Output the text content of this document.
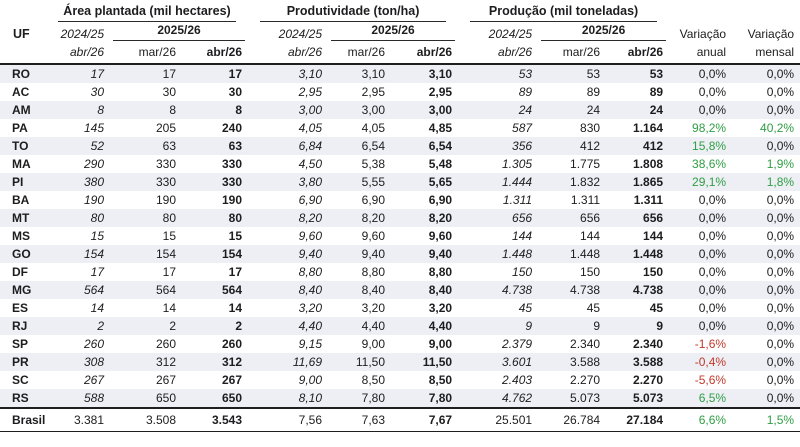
	Área plantada (mil hectares)			Produtividade (ton/ha)			Produção (mil toneladas)				

UF	2024/25	2025/26		2024/25	2025/26		2024/25	2025/26		Variação	Variação
	abr/26	mar/26	abr/26	abr/26	mar/26	abr/26	abr/26	mar/26	abr/26	anual	mensal
RO	17	17	17	3,10	3,10	3,10	53	53	53	0,0%	0,0%
AC	30	30	30	2,95	2,95	2,95	89	89	89	0,0%	0,0%
AM	8	8	8	3,00	3,00	3,00	24	24	24	0,0%	0,0%
PA	145	205	240	4,05	4,05	4,85	587	830	1.164	98,2%	40,2%
TO	52	63	63	6,84	6,54	6,54	356	412	412	15,8%	0,0%
MA	290	330	330	4,50	5,38	5,48	1.305	1.775	1.808	38,6%	1,9%
PI	380	330	330	3,80	5,55	5,65	1.444	1.832	1.865	29,1%	1,8%
BA	190	190	190	6,90	6,90	6,90	1.311	1.311	1.311	0,0%	0,0%
MT	80	80	80	8,20	8,20	8,20	656	656	656	0,0%	0,0%
MS	15	15	15	9,60	9,60	9,60	144	144	144	0,0%	0,0%
GO	154	154	154	9,40	9,40	9,40	1.448	1.448	1.448	0,0%	0,0%
DF	17	17	17	8,80	8,80	8,80	150	150	150	0,0%	0,0%
MG	564	564	564	8,40	8,40	8,40	4.738	4.738	4.738	0,0%	0,0%
ES	14	14	14	3,20	3,20	3,20	45	45	45	0,0%	0,0%
RJ	2	2	2	4,40	4,40	4,40	9	9	9	0,0%	0,0%
SP	260	260	260	9,15	9,00	9,00	2.379	2.340	2.340	-1,6%	0,0%
PR	308	312	312	11,69	11,50	11,50	3.601	3.588	3.588	-0,4%	0,0%
SC	267	267	267	9,00	8,50	8,50	2.403	2.270	2.270	-5,6%	0,0%
RS	588	650	650	8,10	7,80	7,80	4.762	5.073	5.073	6,5%	0,0%
Brasil	3.381	3.508	3.543	7,56	7,63	7,67	25.501	26.784	27.184	6,6%	1,5%
